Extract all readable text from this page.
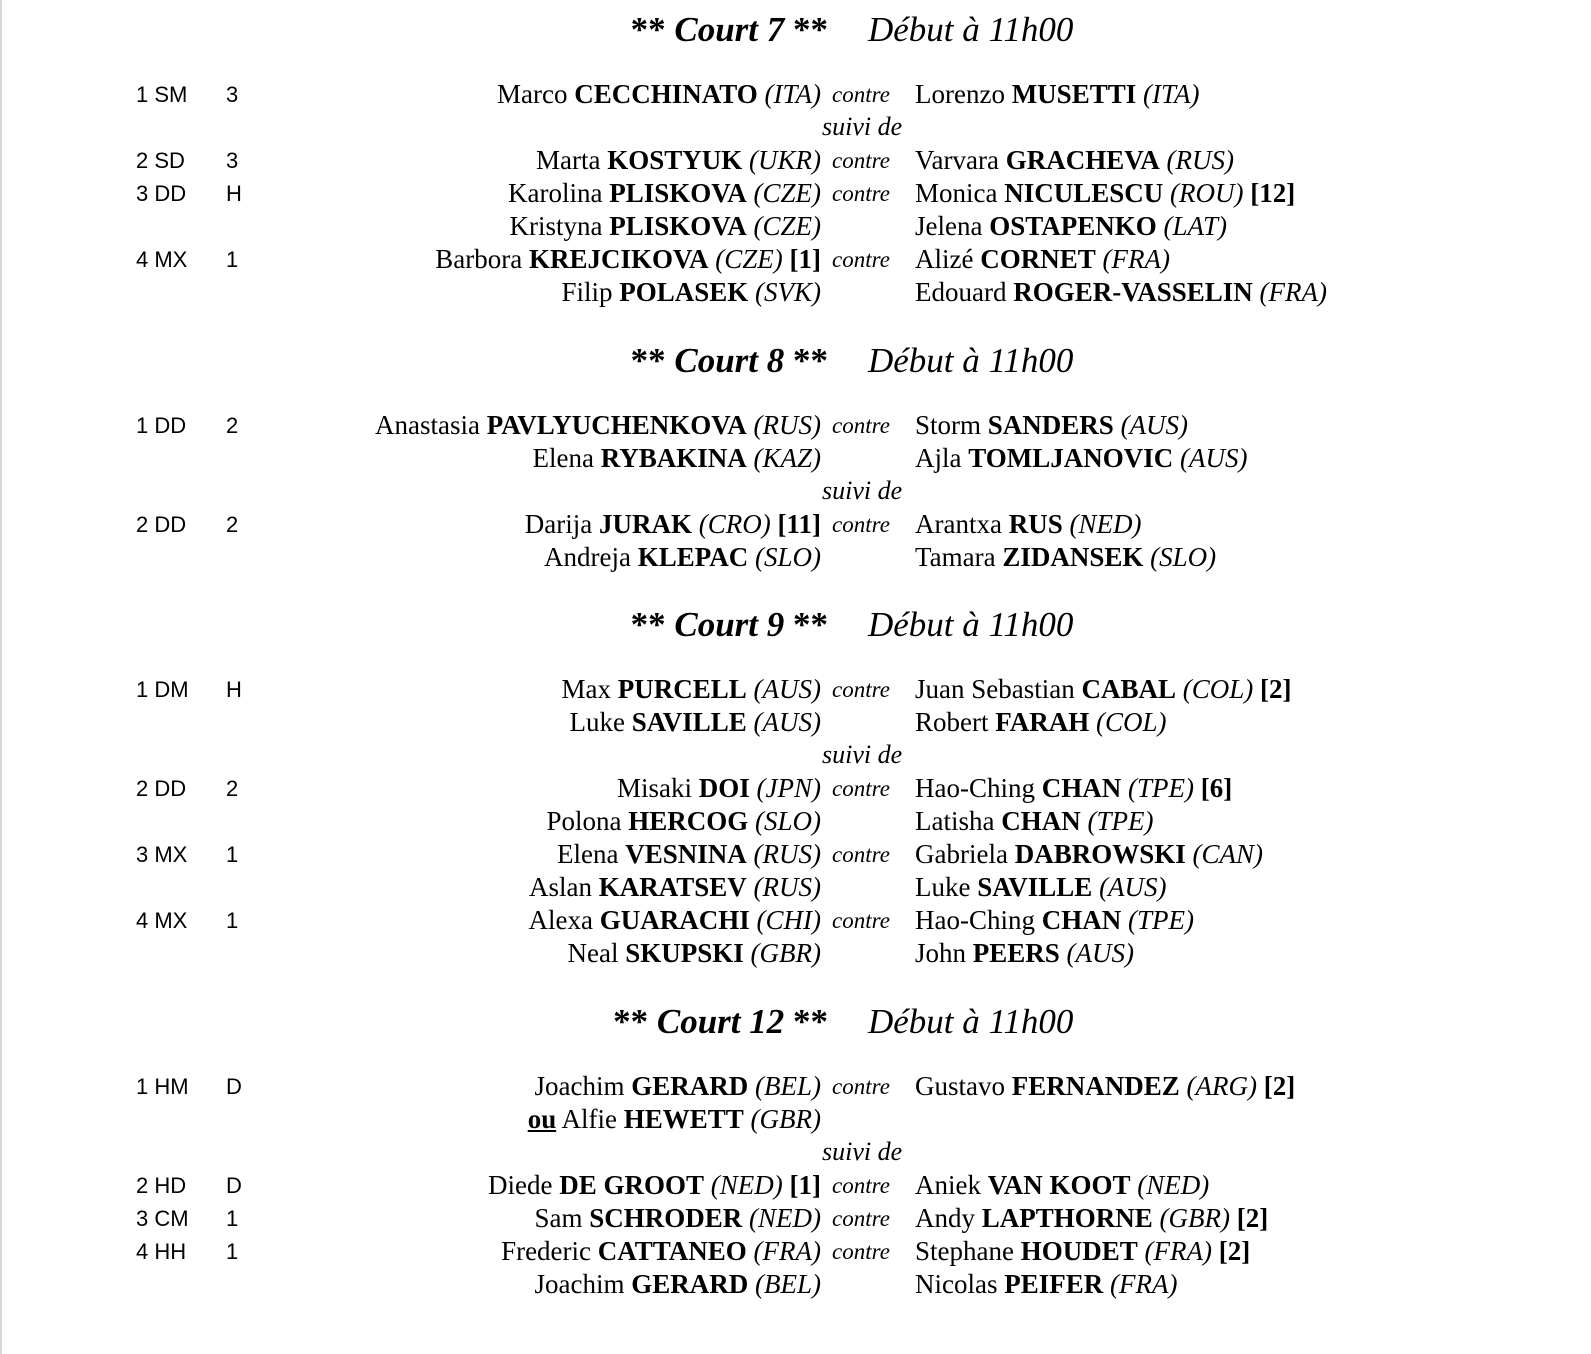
** Court 7 ** Début à 11h00
1 SM 3	Marco CECCHINATO (ITA) contre Lorenzo MUSETTI (ITA)
suivi de
2 SD 3	Marta KOSTYUK (UKR) contre Varvara GRACHEVA (RUS)
3 DD H	Karolina PLISKOVA (CZE) contre Monica NICULESCU (ROU) [12]
Kristyna PLISKOVA (CZE)	Jelena OSTAPENKO (LAT)
4 MX 1	Barbora KREJCIKOVA (CZE) [1] contre Alizé CORNET (FRA)
Filip POLASEK (SVK)	Edouard ROGER-VASSELIN (FRA)
** Court 8 ** Début à 11h00
1 DD 2	Anastasia PAVLYUCHENKOVA (RUS) contre Storm SANDERS (AUS)
Elena RYBAKINA (KAZ)	Ajla TOMLJANOVIC (AUS)
suivi de
2 DD 2	Darija JURAK (CRO) [11] contre Arantxa RUS (NED)
Andreja KLEPAC (SLO)	Tamara ZIDANSEK (SLO)
** Court 9 ** Début à 11h00
1 DM H	Max PURCELL (AUS) contre Juan Sebastian CABAL (COL) [2]
Luke SAVILLE (AUS)	Robert FARAH (COL)
suivi de
2 DD 2	Misaki DOI (JPN) contre Hao-Ching CHAN (TPE) [6]
Polona HERCOG (SLO)	Latisha CHAN (TPE)
3 MX 1	Elena VESNINA (RUS) contre Gabriela DABROWSKI (CAN)
Aslan KARATSEV (RUS)	Luke SAVILLE (AUS)
4 MX 1	Alexa GUARACHI (CHI) contre Hao-Ching CHAN (TPE)
Neal SKUPSKI (GBR)	John PEERS (AUS)
** Court 12 ** Début à 11h00
1 HM D	Joachim GERARD (BEL) contre Gustavo FERNANDEZ (ARG) [2]
ou Alfie HEWETT (GBR)
suivi de
2 HD D	Diede DE GROOT (NED) [1] contre Aniek VAN KOOT (NED)
3 CM 1	Sam SCHRODER (NED) contre Andy LAPTHORNE (GBR) [2]
4 HH 1	Frederic CATTANEO (FRA) contre Stephane HOUDET (FRA) [2]
Joachim GERARD (BEL)	Nicolas PEIFER (FRA)
